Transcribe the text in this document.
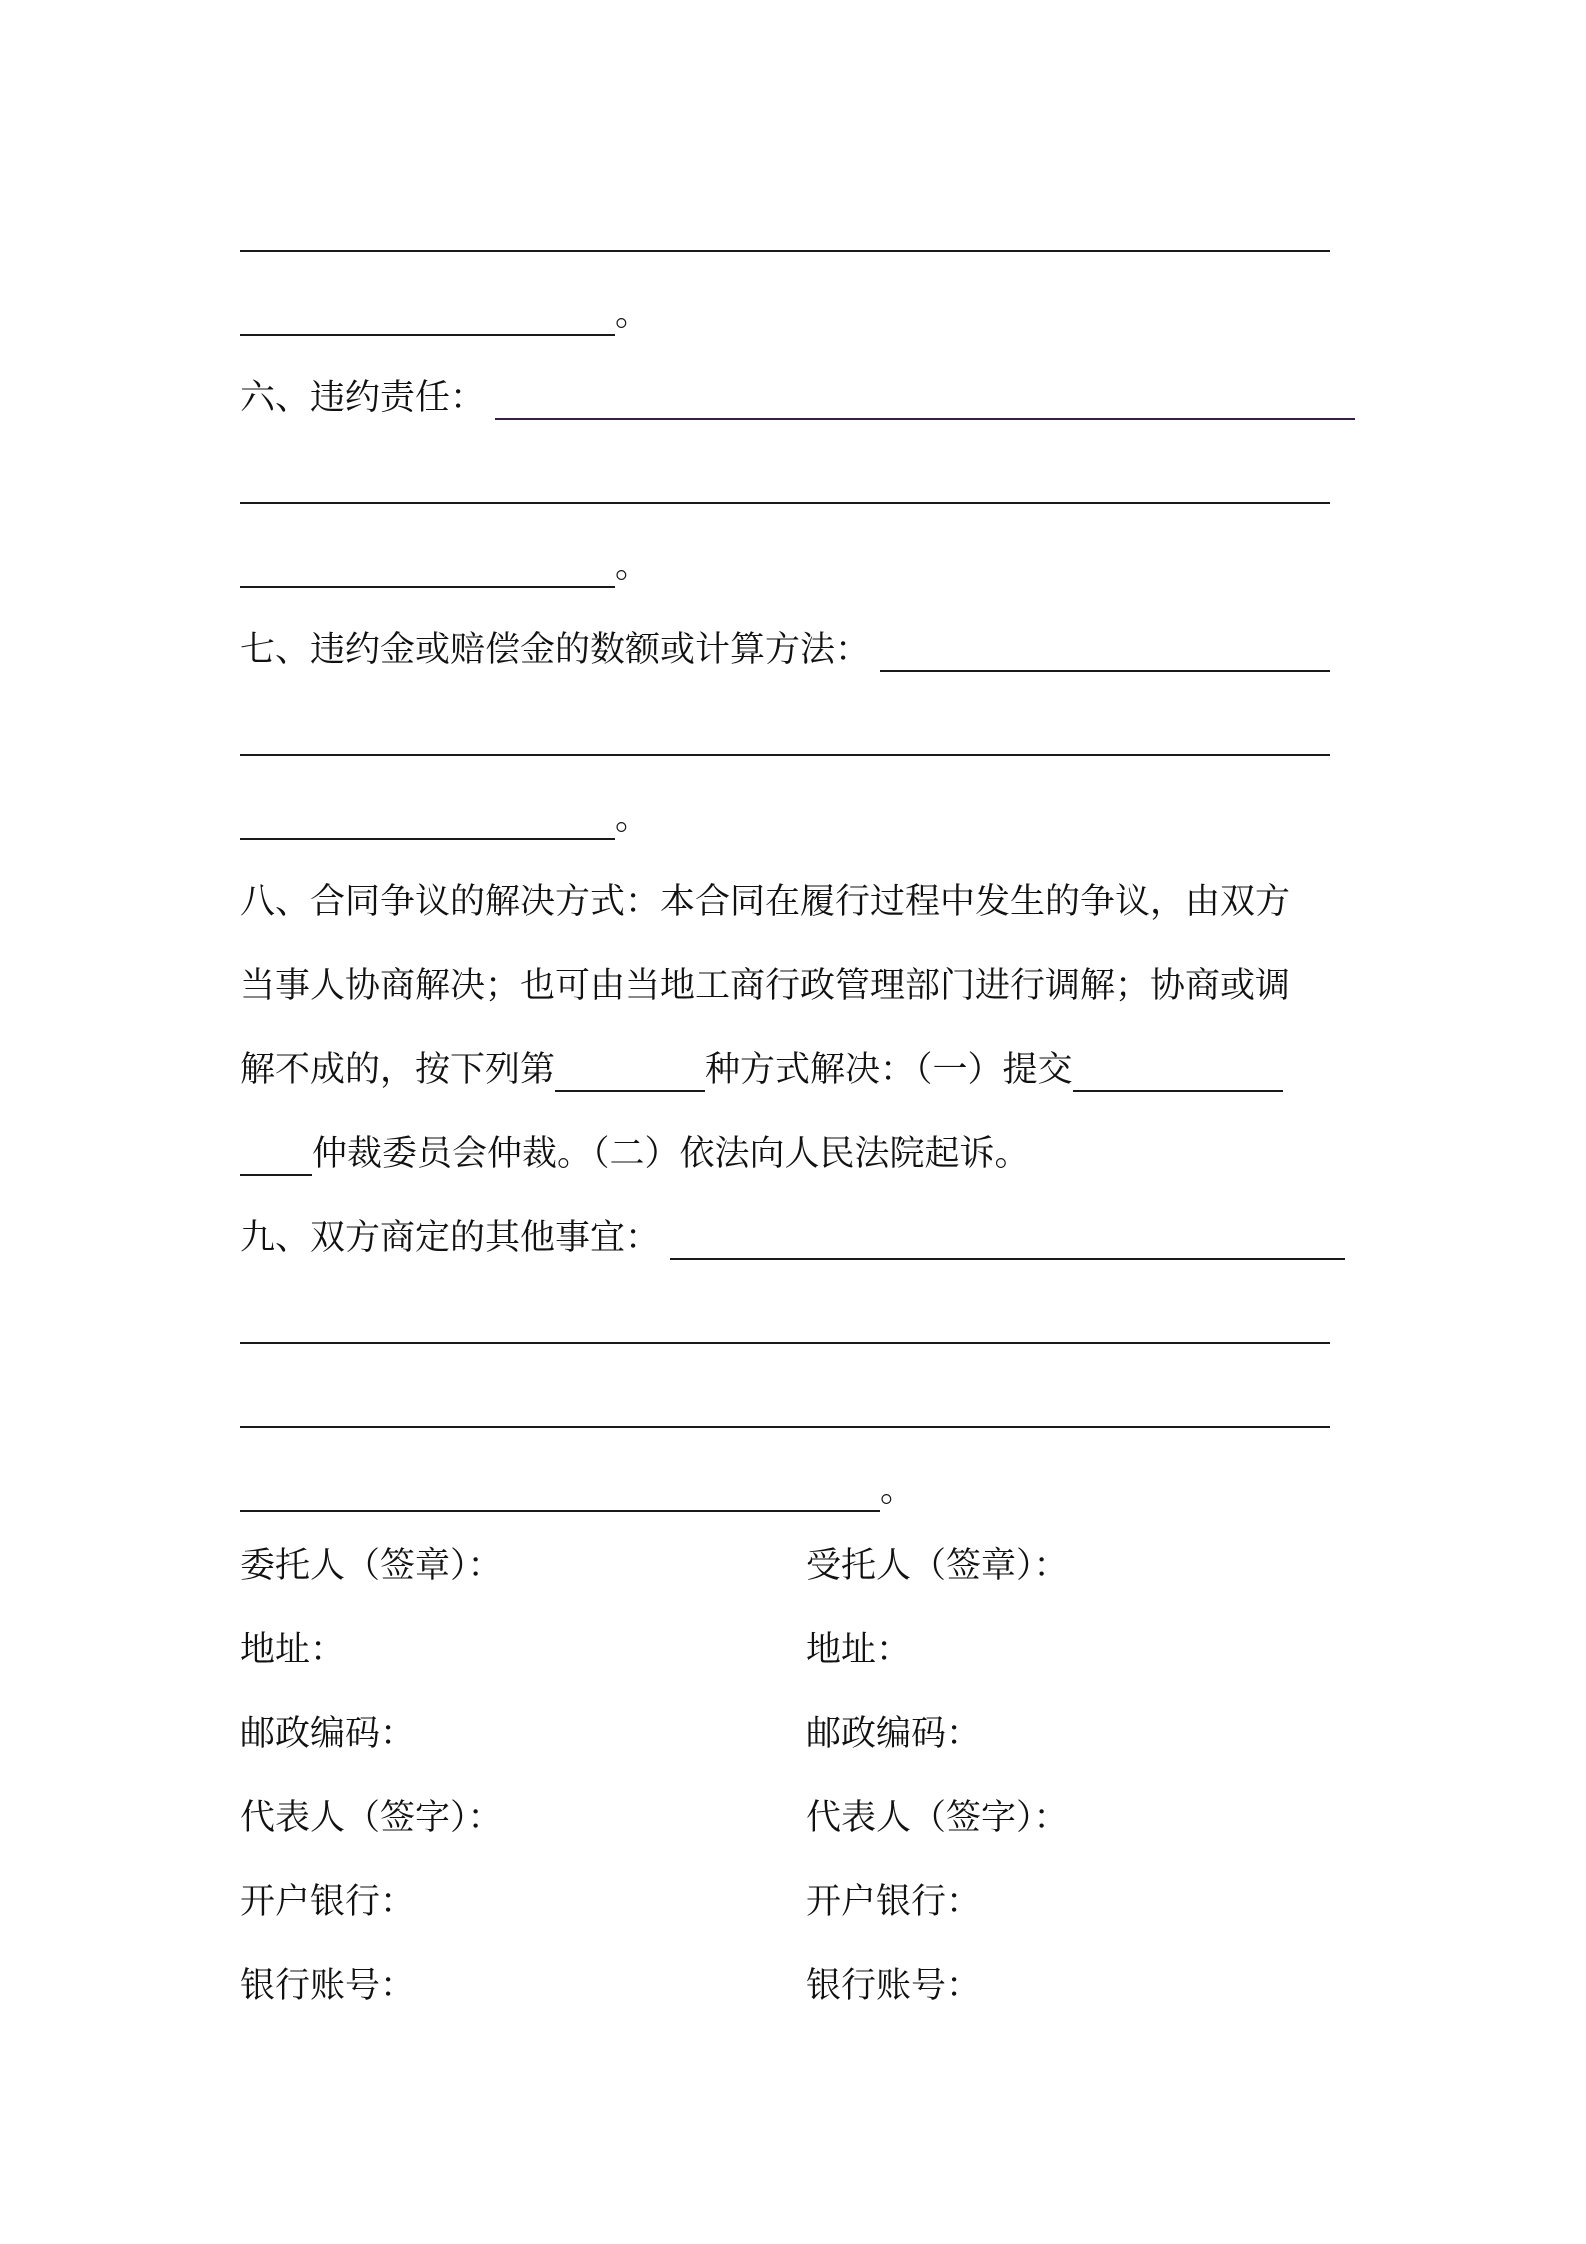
。
六、违约责任：
。
七、违约金或赔偿金的数额或计算方法：
。
八、合同争议的解决方式：本合同在履行过程中发生的争议，由双方
当事人协商解决；也可由当地工商行政管理部门进行调解；协商或调
解不成的，按下列第	种方式解决：（一）提交
仲裁委员会仲裁。（二）依法向人民法院起诉。
九、双方商定的其他事宜：
。
委托人（签章）：
地址：
邮政编码：
代表人（签字）：
开户银行：
银行账号：
受托人（签章）：
地址：
邮政编码：
代表人（签字）：
开户银行：
银行账号：
